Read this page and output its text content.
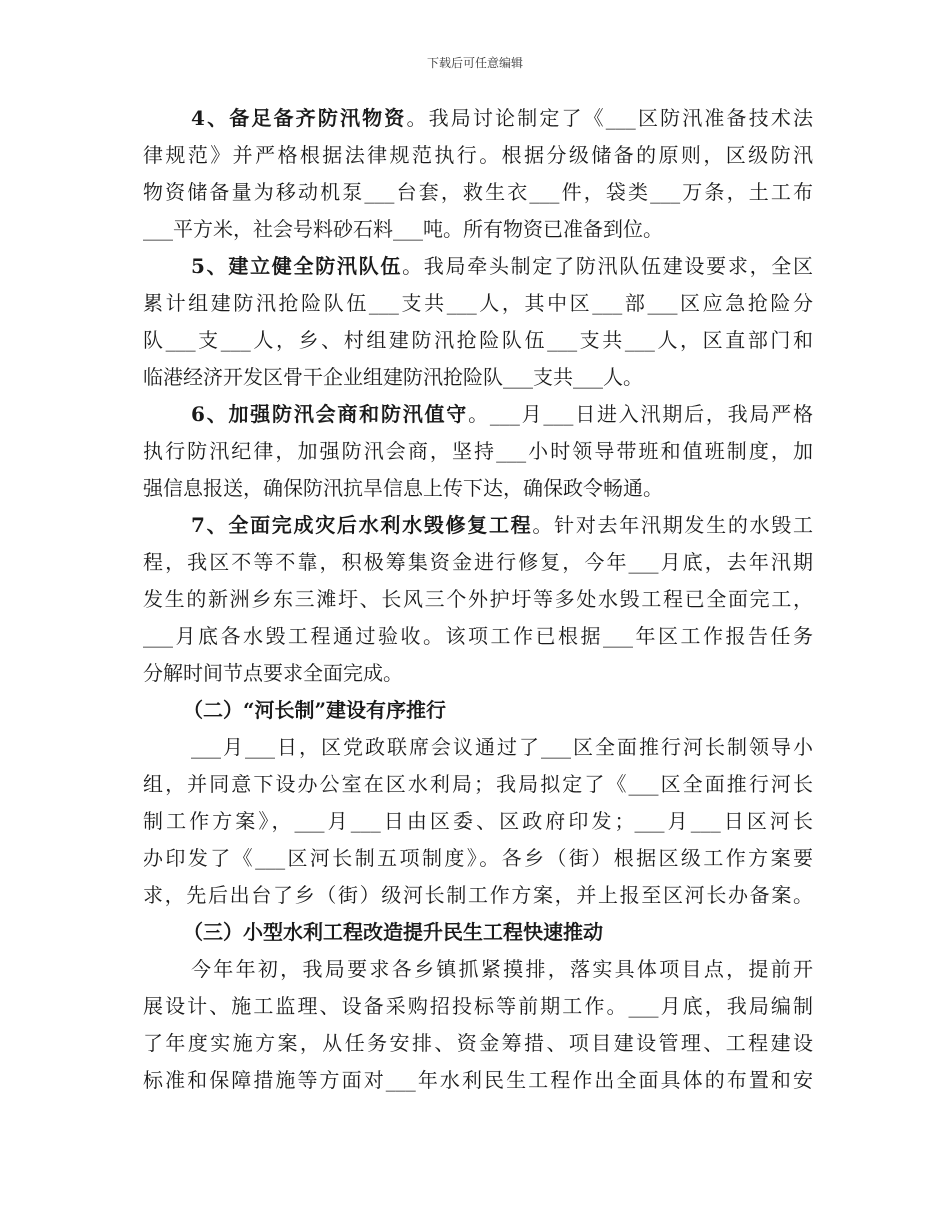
下载后可任意编辑
4、备足备齐防汛物资。我局讨论制定了《___区防汛准备技术法
律规范》并严格根据法律规范执行。根据分级储备的原则，区级防汛
物资储备量为移动机泵___台套，救生衣___件，袋类___万条，土工布
___平方米，社会号料砂石料___吨。所有物资已准备到位。
5、建立健全防汛队伍。我局牵头制定了防汛队伍建设要求，全区
累计组建防汛抢险队伍___支共___人，其中区___部___区应急抢险分
队___支___人，乡、村组建防汛抢险队伍___支共___人，区直部门和
临港经济开发区骨干企业组建防汛抢险队___支共___人。
6、加强防汛会商和防汛值守。___月___日进入汛期后，我局严格
执行防汛纪律，加强防汛会商，坚持___小时领导带班和值班制度，加
强信息报送，确保防汛抗旱信息上传下达，确保政令畅通。
7、全面完成灾后水利水毁修复工程。针对去年汛期发生的水毁工
程，我区不等不靠，积极筹集资金进行修复，今年___月底，去年汛期
发生的新洲乡东三滩圩、长风三个外护圩等多处水毁工程已全面完工，
___月底各水毁工程通过验收。该项工作已根据___年区工作报告任务
分解时间节点要求全面完成。
（二）“河长制”建设有序推行
___月___日，区党政联席会议通过了___区全面推行河长制领导小
组，并同意下设办公室在区水利局；我局拟定了《___区全面推行河长
制工作方案》，___月___日由区委、区政府印发；___月___日区河长
办印发了《___区河长制五项制度》。各乡（街）根据区级工作方案要
求，先后出台了乡（街）级河长制工作方案，并上报至区河长办备案。
（三）小型水利工程改造提升民生工程快速推动
今年年初，我局要求各乡镇抓紧摸排，落实具体项目点，提前开
展设计、施工监理、设备采购招投标等前期工作。___月底，我局编制
了年度实施方案，从任务安排、资金筹措、项目建设管理、工程建设
标准和保障措施等方面对___年水利民生工程作出全面具体的布置和安
